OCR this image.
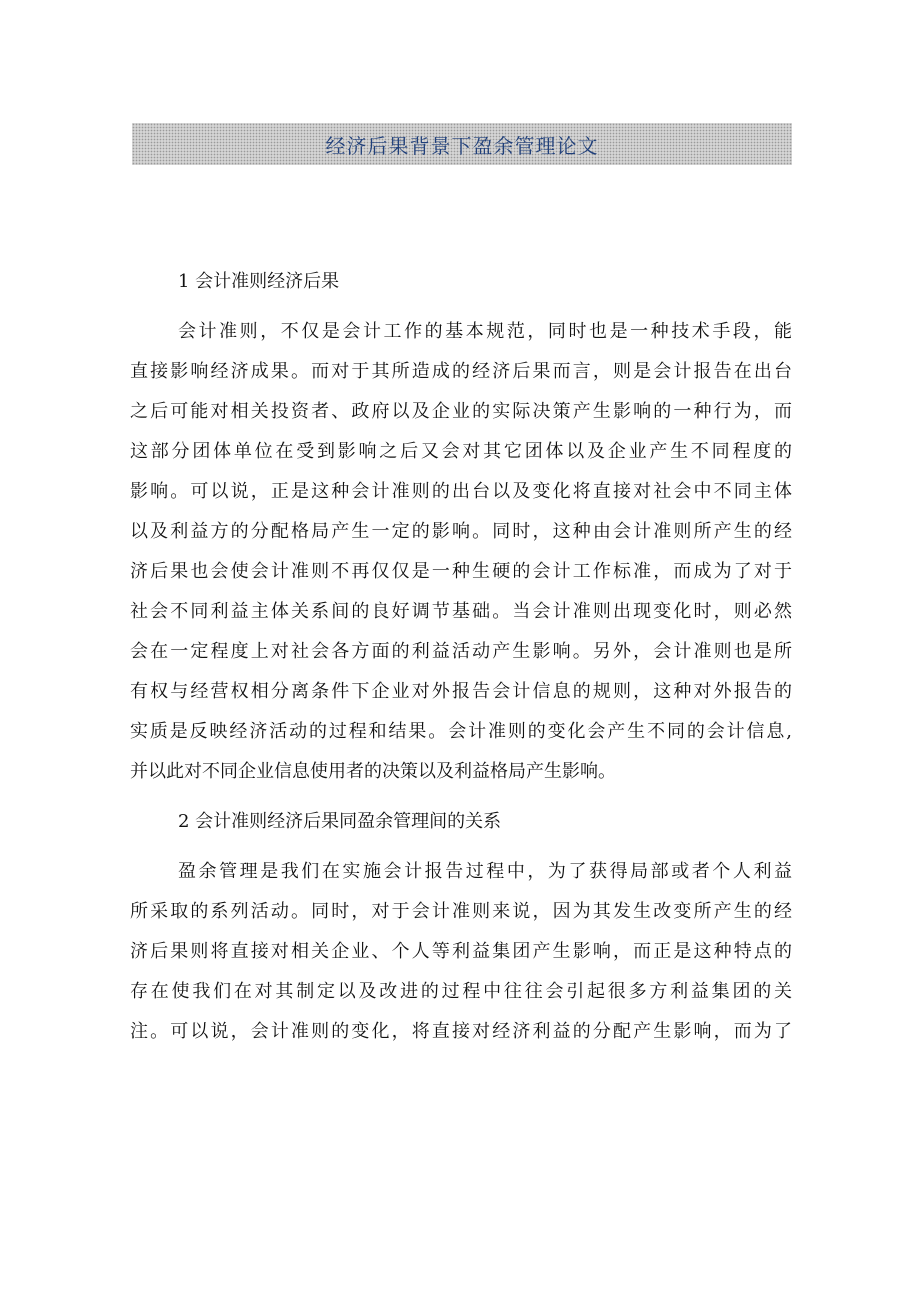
经济后果背景下盈余管理论文
1 会计准则经济后果
会计准则，不仅是会计工作的基本规范，同时也是一种技术手段，能
直接影响经济成果。而对于其所造成的经济后果而言，则是会计报告在出台
之后可能对相关投资者、政府以及企业的实际决策产生影响的一种行为，而
这部分团体单位在受到影响之后又会对其它团体以及企业产生不同程度的
影响。可以说，正是这种会计准则的出台以及变化将直接对社会中不同主体
以及利益方的分配格局产生一定的影响。同时，这种由会计准则所产生的经
济后果也会使会计准则不再仅仅是一种生硬的会计工作标准，而成为了对于
社会不同利益主体关系间的良好调节基础。当会计准则出现变化时，则必然
会在一定程度上对社会各方面的利益活动产生影响。另外，会计准则也是所
有权与经营权相分离条件下企业对外报告会计信息的规则，这种对外报告的
实质是反映经济活动的过程和结果。会计准则的变化会产生不同的会计信息,
并以此对不同企业信息使用者的决策以及利益格局产生影响。
2 会计准则经济后果同盈余管理间的关系
盈余管理是我们在实施会计报告过程中，为了获得局部或者个人利益
所采取的系列活动。同时，对于会计准则来说，因为其发生改变所产生的经
济后果则将直接对相关企业、个人等利益集团产生影响，而正是这种特点的
存在使我们在对其制定以及改进的过程中往往会引起很多方利益集团的关
注。可以说，会计准则的变化，将直接对经济利益的分配产生影响，而为了
